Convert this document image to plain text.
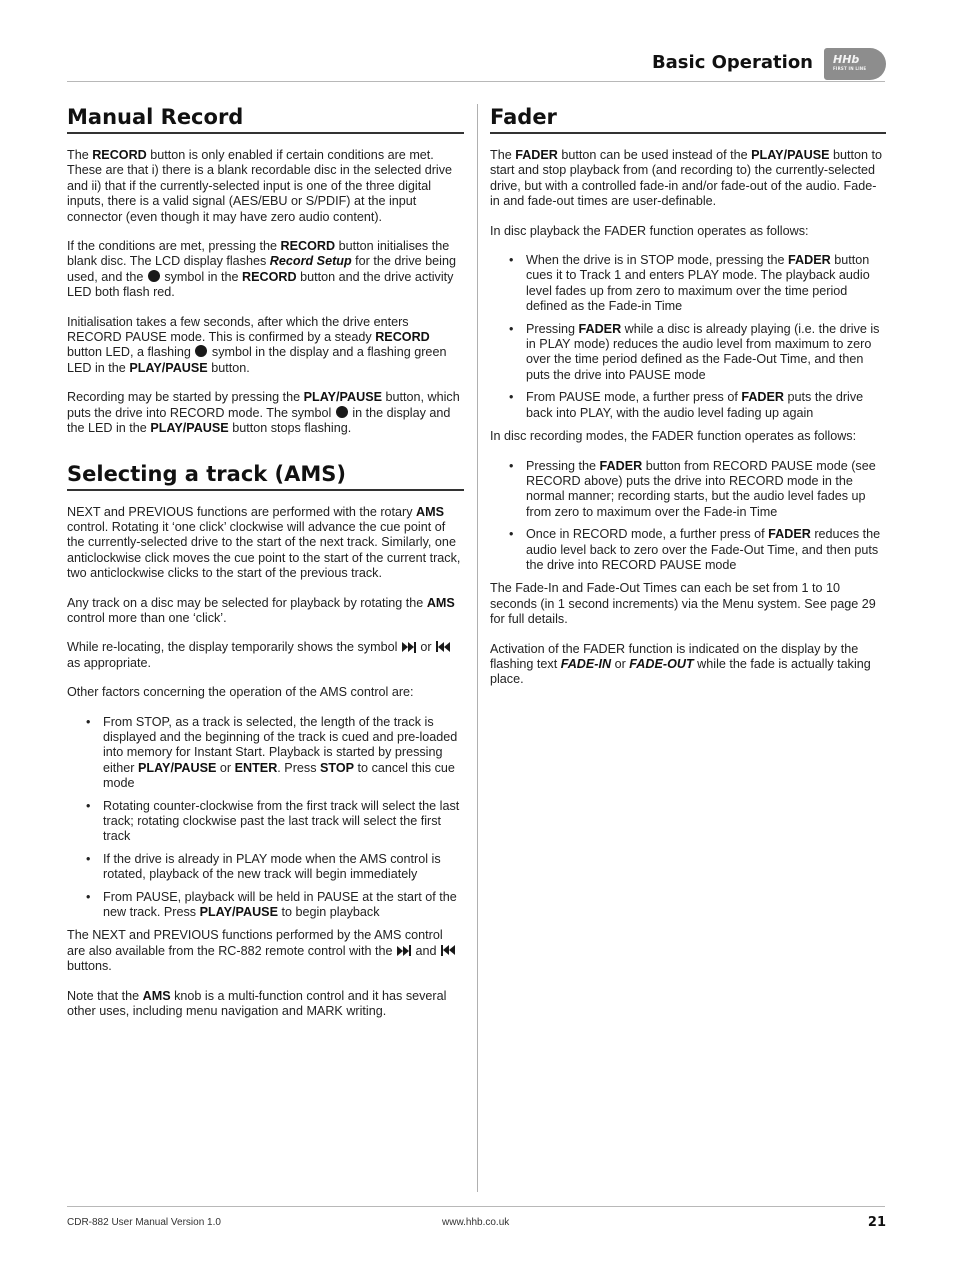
Basic Operation	HHb
FIRST IN LINE
Manual Record

The RECORD button is only enabled if certain conditions are met. These are that i) there is a blank recordable disc in the selected drive and ii) that if the currently-selected input is one of the three digital inputs, there is a valid signal (AES/EBU or S/PDIF) at the input connector (even though it may have zero audio content).

If the conditions are met, pressing the RECORD button initialises the blank disc. The LCD display flashes Record Setup for the drive being used, and the  symbol in the RECORD button and the drive activity LED both flash red.

Initialisation takes a few seconds, after which the drive enters RECORD PAUSE mode. This is confirmed by a steady RECORD button LED, a flashing  symbol in the display and a flashing green LED in the PLAY/PAUSE button.

Recording may be started by pressing the PLAY/PAUSE button, which puts the drive into RECORD mode. The symbol  in the display and the LED in the PLAY/PAUSE button stops flashing.

Selecting a track (AMS)

NEXT and PREVIOUS functions are performed with the rotary AMS control. Rotating it ‘one click’ clockwise will advance the cue point of the currently-selected drive to the start of the next track. Similarly, one anticlockwise click moves the cue point to the start of the current track, two anticlockwise clicks to the start of the previous track.

Any track on a disc may be selected for playback by rotating the AMS control more than one ‘click’.

While re-locating, the display temporarily shows the symbol
or
as appropriate.

Other factors concerning the operation of the AMS control are:

• From STOP, as a track is selected, the length of the track is displayed and the beginning of the track is cued and pre-loaded into memory for Instant Start. Playback is started by pressing either PLAY/PAUSE or ENTER. Press STOP to cancel this cue mode
• Rotating counter-clockwise from the first track will select the last track; rotating clockwise past the last track will select the first track
• If the drive is already in PLAY mode when the AMS control is rotated, playback of the new track will begin immediately
• From PAUSE, playback will be held in PAUSE at the start of the new track. Press PLAY/PAUSE to begin playback

The NEXT and PREVIOUS functions performed by the AMS control are also available from the RC-882 remote control with the
and
buttons.

Note that the AMS knob is a multi-function control and it has several other uses, including menu navigation and MARK writing.

Fader

The FADER button can be used instead of the PLAY/PAUSE button to start and stop playback from (and recording to) the currently-selected drive, but with a controlled fade-in and/or fade-out of the audio. Fade-in and fade-out times are user-definable.

In disc playback the FADER function operates as follows:

• When the drive is in STOP mode, pressing the FADER button cues it to Track 1 and enters PLAY mode. The playback audio level fades up from zero to maximum over the time period defined as the Fade-in Time
• Pressing FADER while a disc is already playing (i.e. the drive is in PLAY mode) reduces the audio level from maximum to zero over the time period defined as the Fade-Out Time, and then puts the drive into PAUSE mode
• From PAUSE mode, a further press of FADER puts the drive back into PLAY, with the audio level fading up again

In disc recording modes, the FADER function operates as follows:

• Pressing the FADER button from RECORD PAUSE mode (see RECORD above) puts the drive into RECORD mode in the normal manner; recording starts, but the audio level fades up from zero to maximum over the Fade-in Time
• Once in RECORD mode, a further press of FADER reduces the audio level back to zero over the Fade-Out Time, and then puts the drive into RECORD PAUSE mode

The Fade-In and Fade-Out Times can each be set from 1 to 10 seconds (in 1 second increments) via the Menu system. See page 29 for full details.

Activation of the FADER function is indicated on the display by the flashing text FADE-IN or FADE-OUT while the fade is actually taking place.

CDR-882 User Manual Version 1.0	www.hhb.co.uk	21
